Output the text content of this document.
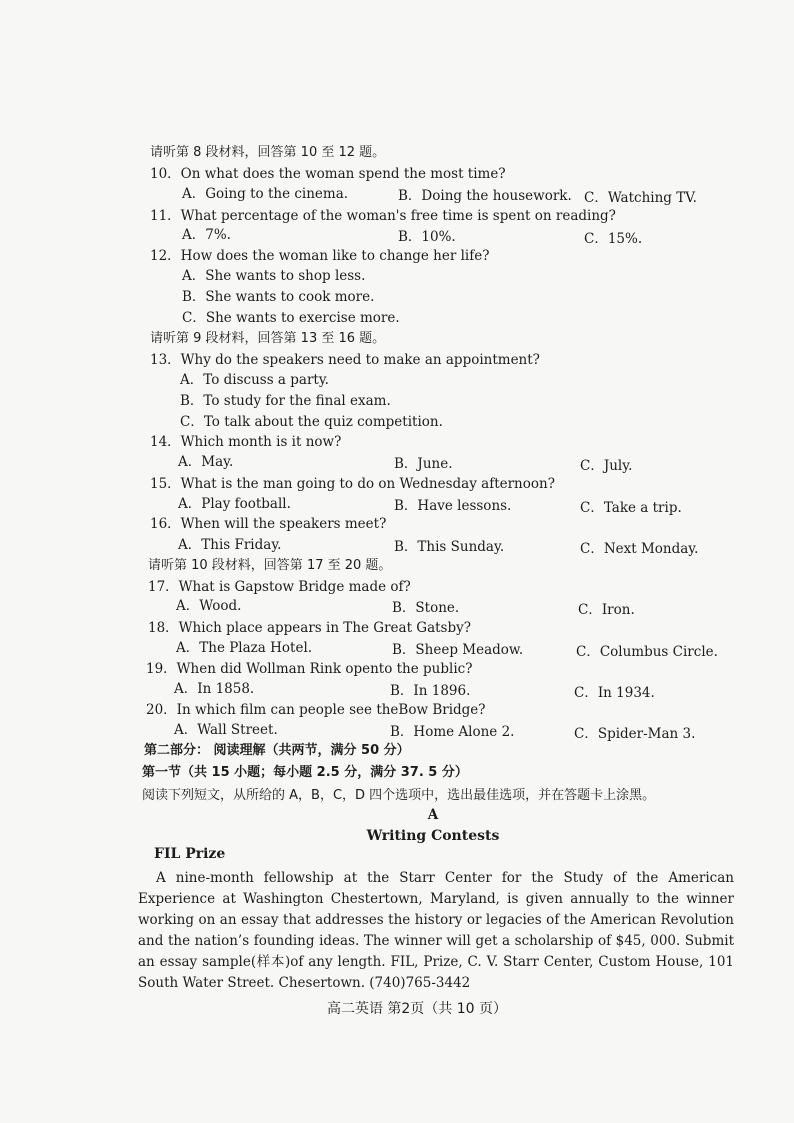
请听第 8 段材料，回答第 10 至 12 题。
10．On what does the woman spend the most time?
A．Going to the cinema.	B．Doing the housework. C．Watching TV.
11．What percentage of the woman's free time is spent on reading?
A．7%.	B．10%.	C．15%.
12．How does the woman like to change her life?
A．She wants to shop less.
B．She wants to cook more.
C．She wants to exercise more.
请听第 9 段材料，回答第 13 至 16 题。
13．Why do the speakers need to make an appointment?
A．To discuss a party.
B．To study for the final exam.
C．To talk about the quiz competition.
14．Which month is it now?
A．May.	B．June.	C．July.
15．What is the man going to do on Wednesday afternoon?
A．Play football.	B．Have lessons.	C．Take a trip.
16．When will the speakers meet?
A．This Friday.	B．This Sunday.	C．Next Monday.
请听第 10 段材料，回答第 17 至 20 题。
17．What is Gapstow Bridge made of?
A．Wood.	B．Stone.	C．Iron.
18．Which place appears in The Great Gatsby?
A．The Plaza Hotel.	B．Sheep Meadow.	C．Columbus Circle.
19．When did Wollman Rink opento the public?
A．In 1858.	B．In 1896.	C．In 1934.
20．In which film can people see theBow Bridge?
A．Wall Street.	B．Home Alone 2.	C．Spider-Man 3.
第二部分： 阅读理解（共两节，满分 50 分）
第一节（共 15 小题；每小题 2.5 分，满分 37. 5 分）
阅读下列短文，从所给的 A，B，C，D 四个选项中，选出最佳选项，并在答题卡上涂黑。
A
Writing Contests
FIL Prize

A nine-month fellowship at the Starr Center for the Study of the American Experience at Washington Chestertown, Maryland, is given annually to the winner working on an essay that addresses the history or legacies of the American Revolution and the nation’s founding ideas. The winner will get a scholarship of $45, 000. Submit an essay sample(样本)of any length. FIL, Prize, C. V. Starr Center, Custom House, 101 South Water Street. Chesertown. (740)765-3442

高二英语 第2页（共 10 页）
